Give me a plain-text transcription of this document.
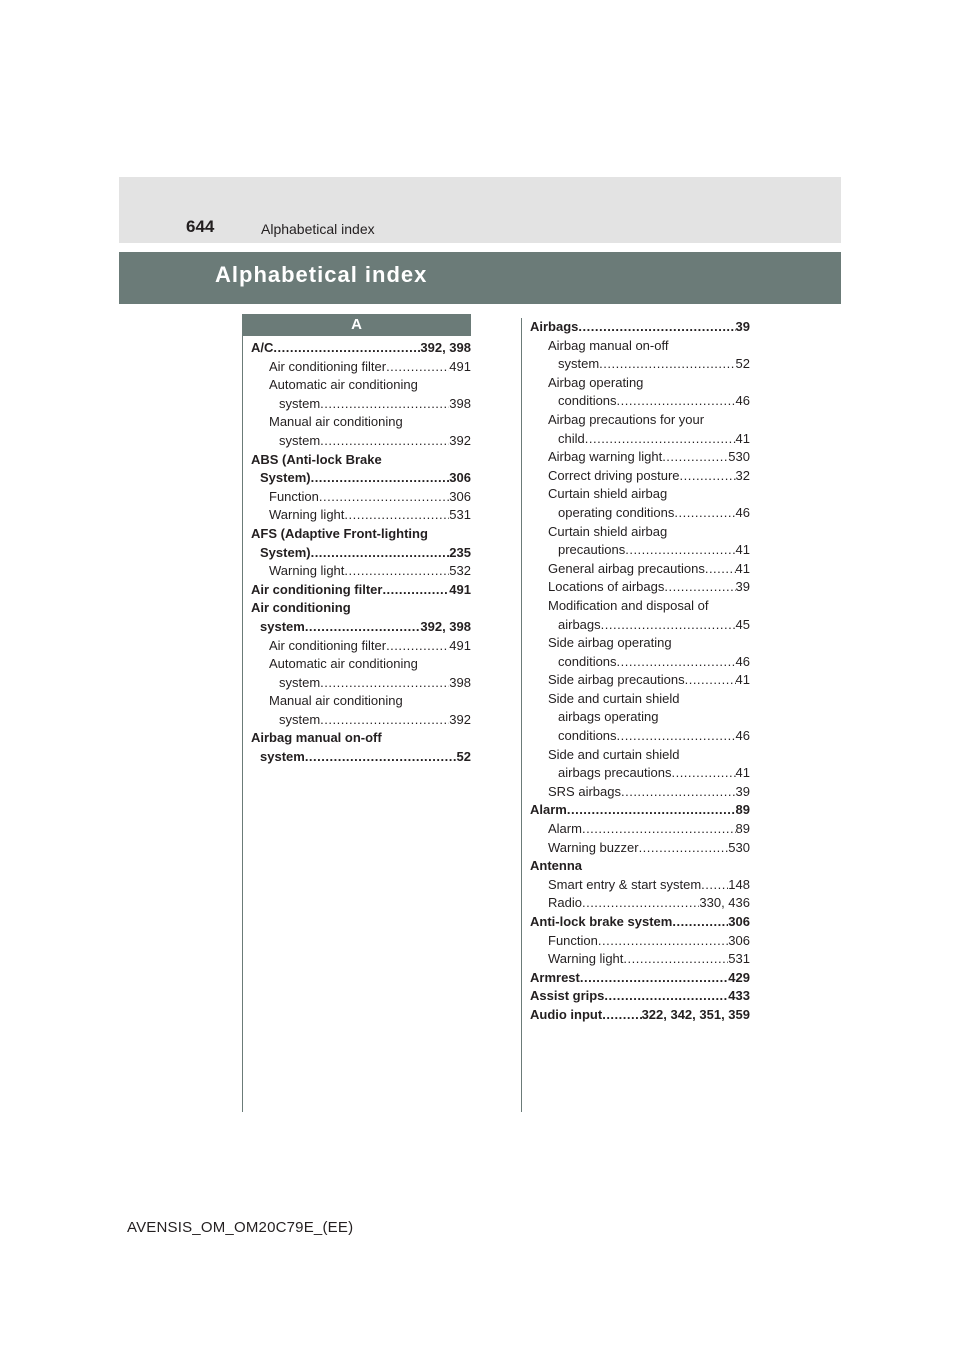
644	Alphabetical index
Alphabetical index
A
A/C .....	392, 398
Air conditioning filter .....	491
Automatic air conditioning
system .....	398
Manual air conditioning
system .....	392
ABS (Anti-lock Brake
System) .....	306
Function .....	306
Warning light .....	531
AFS (Adaptive Front-lighting
System) .....	235
Warning light .....	532
Air conditioning filter .....	491
Air conditioning
system .....	392, 398
Air conditioning filter .....	491
Automatic air conditioning
system .....	398
Manual air conditioning
system .....	392
Airbag manual on-off
system .....	52
Airbags .....	39
Airbag manual on-off
system .....	52
Airbag operating
conditions .....	46
Airbag precautions for your
child .....	41
Airbag warning light .....	530
Correct driving posture .....	32
Curtain shield airbag
operating conditions .....	46
Curtain shield airbag
precautions .....	41
General airbag precautions ..... 41
Locations of airbags .....	39
Modification and disposal of
airbags .....	45
Side airbag operating
conditions .....	46
Side airbag precautions .....	41
Side and curtain shield
airbags operating
conditions .....	46
Side and curtain shield
airbags precautions .....	41
SRS airbags .....	39
Alarm .....	89
Alarm .....	89
Warning buzzer .....	530
Antenna
Smart entry & start system ..... 148
Radio .....	330, 436
Anti-lock brake system .....	306
Function .....	306
Warning light .....	531
Armrest .....	429
Assist grips .....	433
Audio input .....	322, 342, 351, 359
AVENSIS_OM_OM20C79E_(EE)
